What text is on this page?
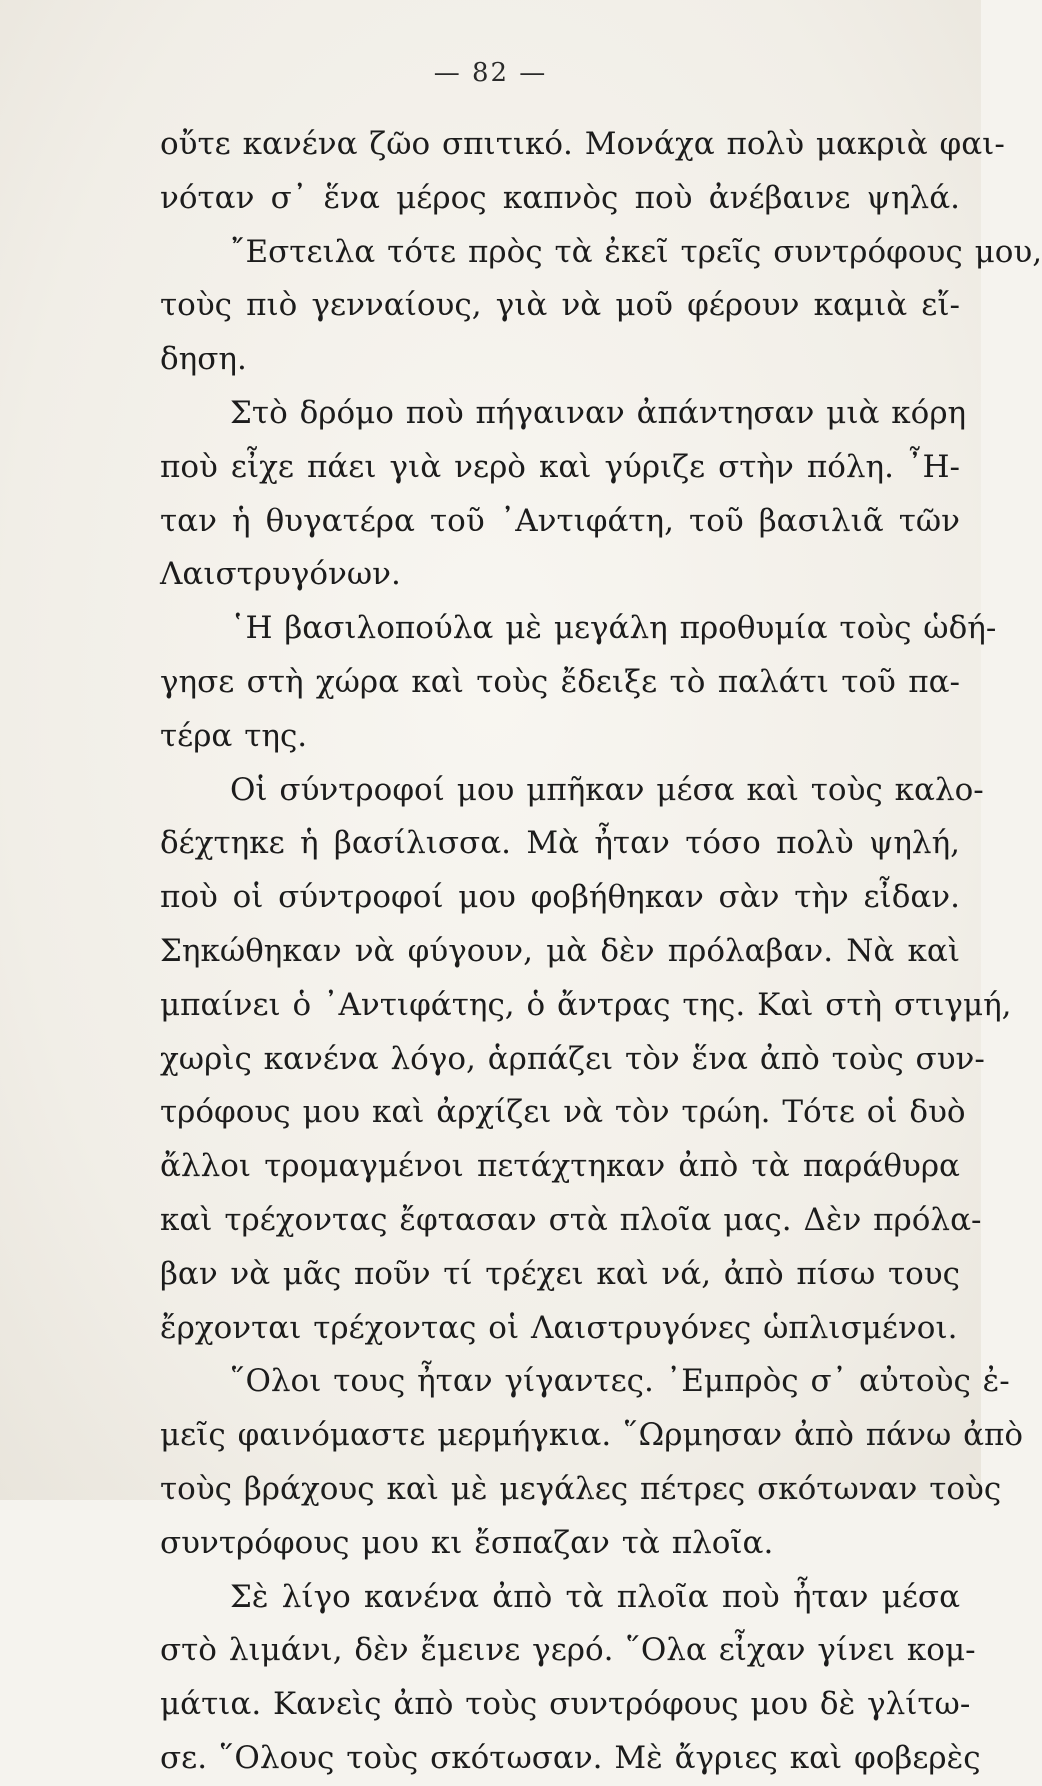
— 82 —
οὔτε κανένα ζῶο σπιτικό. Μονάχα πολὺ μακριὰ φαι-
νόταν σ᾽ ἕνα μέρος καπνὸς ποὺ ἀνέβαινε ψηλά.
῎Εστειλα τότε πρὸς τὰ ἐκεῖ τρεῖς συντρόφους μου,
τοὺς πιὸ γενναίους, γιὰ νὰ μοῦ φέρουν καμιὰ εἴ-
δηση.
Στὸ δρόμο ποὺ πήγαιναν ἀπάντησαν μιὰ κόρη
ποὺ εἶχε πάει γιὰ νερὸ καὶ γύριζε στὴν πόλη. ῏Η-
ταν ἡ θυγατέρα τοῦ ᾽Αντιφάτη, τοῦ βασιλιᾶ τῶν
Λαιστρυγόνων.
῾Η βασιλοπούλα μὲ μεγάλη προθυμία τοὺς ὡδή-
γησε στὴ χώρα καὶ τοὺς ἔδειξε τὸ παλάτι τοῦ πα-
τέρα της.
Οἱ σύντροφοί μου μπῆκαν μέσα καὶ τοὺς καλο-
δέχτηκε ἡ βασίλισσα. Μὰ ἦταν τόσο πολὺ ψηλή,
ποὺ οἱ σύντροφοί μου φοβήθηκαν σὰν τὴν εἶδαν.
Σηκώθηκαν νὰ φύγουν, μὰ δὲν πρόλαβαν. Νὰ καὶ
μπαίνει ὁ ᾽Αντιφάτης, ὁ ἄντρας της. Καὶ στὴ στιγμή,
χωρὶς κανένα λόγο, ἁρπάζει τὸν ἕνα ἀπὸ τοὺς συν-
τρόφους μου καὶ ἀρχίζει νὰ τὸν τρώη. Τότε οἱ δυὸ
ἄλλοι τρομαγμένοι πετάχτηκαν ἀπὸ τὰ παράθυρα
καὶ τρέχοντας ἔφτασαν στὰ πλοῖα μας. Δὲν πρόλα-
βαν νὰ μᾶς ποῦν τί τρέχει καὶ νά, ἀπὸ πίσω τους
ἔρχονται τρέχοντας οἱ Λαιστρυγόνες ὡπλισμένοι.
῞Ολοι τους ἦταν γίγαντες. ᾽Εμπρὸς σ᾽ αὐτοὺς ἐ-
μεῖς φαινόμαστε μερμήγκια. ῞Ωρμησαν ἀπὸ πάνω ἀπὸ
τοὺς βράχους καὶ μὲ μεγάλες πέτρες σκότωναν τοὺς
συντρόφους μου κι ἔσπαζαν τὰ πλοῖα.
Σὲ λίγο κανένα ἀπὸ τὰ πλοῖα ποὺ ἦταν μέσα
στὸ λιμάνι, δὲν ἔμεινε γερό. ῞Ολα εἶχαν γίνει κομ-
μάτια. Κανεὶς ἀπὸ τοὺς συντρόφους μου δὲ γλίτω-
σε. ῞Ολους τοὺς σκότωσαν. Μὲ ἄγριες καὶ φοβερὲς
